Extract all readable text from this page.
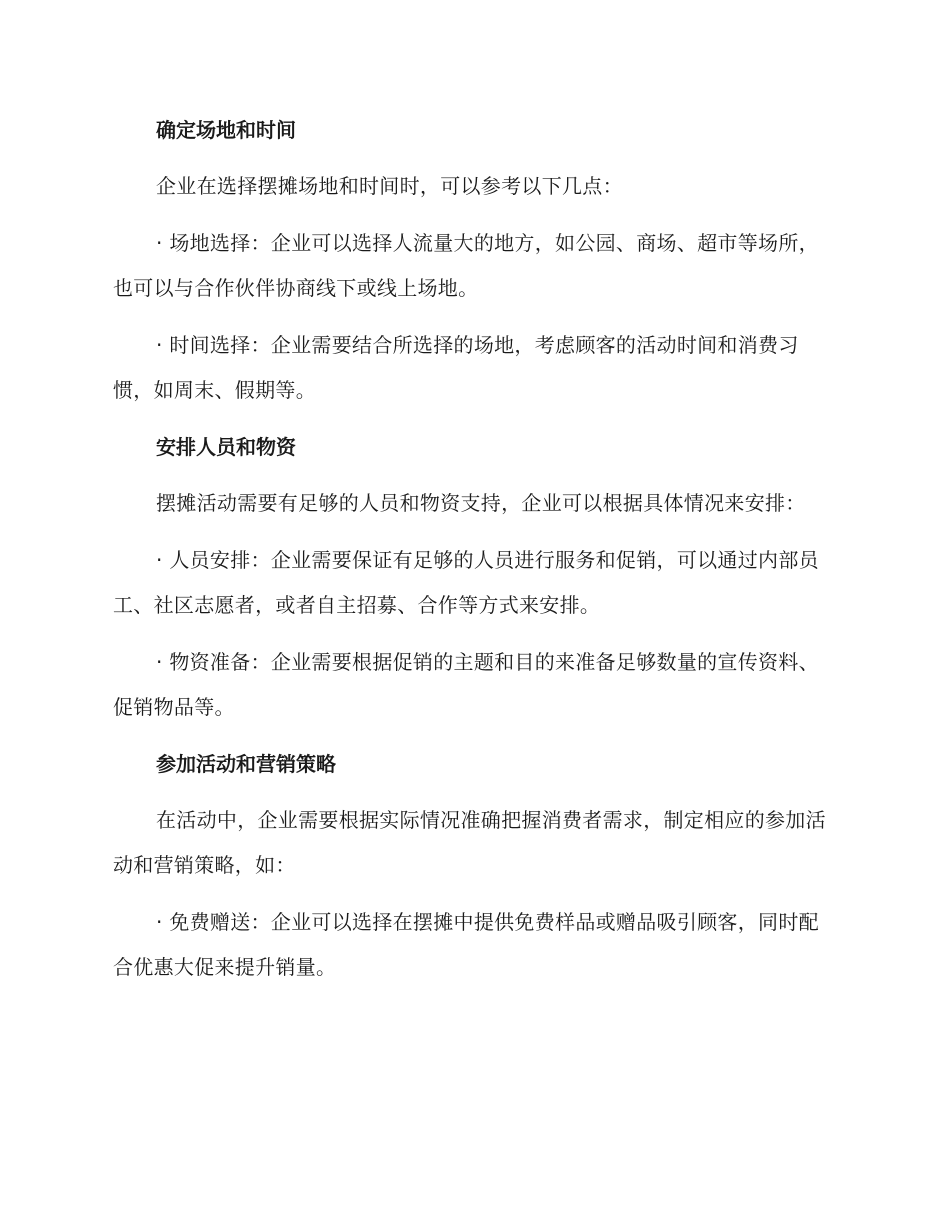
确定场地和时间

企业在选择摆摊场地和时间时，可以参考以下几点：

· 场地选择：企业可以选择人流量大的地方，如公园、商场、超市等场所，也可以与合作伙伴协商线下或线上场地。

· 时间选择：企业需要结合所选择的场地，考虑顾客的活动时间和消费习惯，如周末、假期等。

安排人员和物资

摆摊活动需要有足够的人员和物资支持，企业可以根据具体情况来安排：

· 人员安排：企业需要保证有足够的人员进行服务和促销，可以通过内部员工、社区志愿者，或者自主招募、合作等方式来安排。

· 物资准备：企业需要根据促销的主题和目的来准备足够数量的宣传资料、促销物品等。

参加活动和营销策略

在活动中，企业需要根据实际情况准确把握消费者需求，制定相应的参加活动和营销策略，如：

· 免费赠送：企业可以选择在摆摊中提供免费样品或赠品吸引顾客，同时配合优惠大促来提升销量。
